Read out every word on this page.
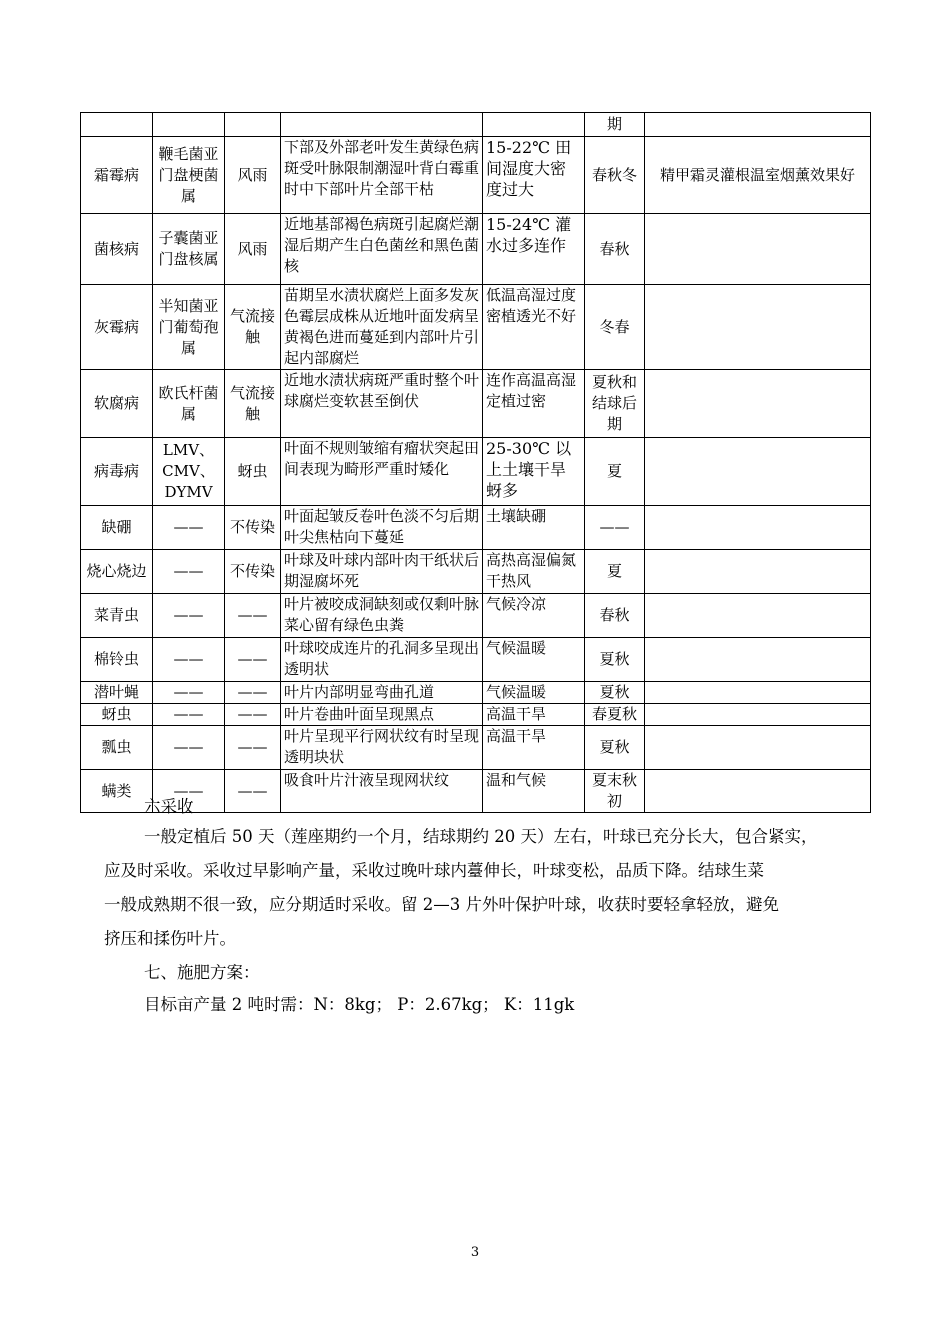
					期	
霜霉病	鞭毛菌亚门盘梗菌属	风雨	下部及外部老叶发生黄绿色病斑受叶脉限制潮湿叶背白霉重时中下部叶片全部干枯	15-22℃ 田间湿度大密度过大	春秋冬	精甲霜灵灌根温室烟薰效果好
菌核病	子囊菌亚门盘核属	风雨	近地基部褐色病斑引起腐烂潮湿后期产生白色菌丝和黑色菌核	15-24℃ 灌水过多连作	春秋	
灰霉病	半知菌亚门葡萄孢属	气流接触	苗期呈水渍状腐烂上面多发灰色霉层成株从近地叶面发病呈黄褐色进而蔓延到内部叶片引起内部腐烂	低温高湿过度密植透光不好	冬春	
软腐病	欧氏杆菌属	气流接触	近地水渍状病斑严重时整个叶球腐烂变软甚至倒伏	连作高温高湿定植过密	夏秋和结球后期	
病毒病	LMV、CMV、DYMV	蚜虫	叶面不规则皱缩有瘤状突起田间表现为畸形严重时矮化	25-30℃ 以上土壤干旱蚜多	夏	
缺硼	——	不传染	叶面起皱反卷叶色淡不匀后期叶尖焦枯向下蔓延	土壤缺硼	——	
烧心烧边	——	不传染	叶球及叶球内部叶肉干纸状后期湿腐坏死	高热高湿偏氮干热风	夏	
菜青虫	——	——	叶片被咬成洞缺刻或仅剩叶脉菜心留有绿色虫粪	气候冷凉	春秋	
棉铃虫	——	——	叶球咬成连片的孔洞多呈现出透明状	气候温暖	夏秋	
潜叶蝇	——	——	叶片内部明显弯曲孔道	气候温暖	夏秋	
蚜虫	——	——	叶片卷曲叶面呈现黑点	高温干旱	春夏秋	
瓢虫	——	——	叶片呈现平行网状纹有时呈现透明块状	高温干旱	夏秋	
螨类	——	——	吸食叶片汁液呈现网状纹	温和气候	夏末秋初	
六采收
一般定植后 50 天（莲座期约一个月，结球期约 20 天）左右，叶球已充分长大，包合紧实，
应及时采收。采收过早影响产量，采收过晚叶球内薹伸长，叶球变松，品质下降。结球生菜
一般成熟期不很一致，应分期适时采收。留 2—3 片外叶保护叶球，收获时要轻拿轻放，避免
挤压和揉伤叶片。
七、施肥方案：
目标亩产量 2 吨时需：N：8kg； P：2.67kg； K：11gk
3
